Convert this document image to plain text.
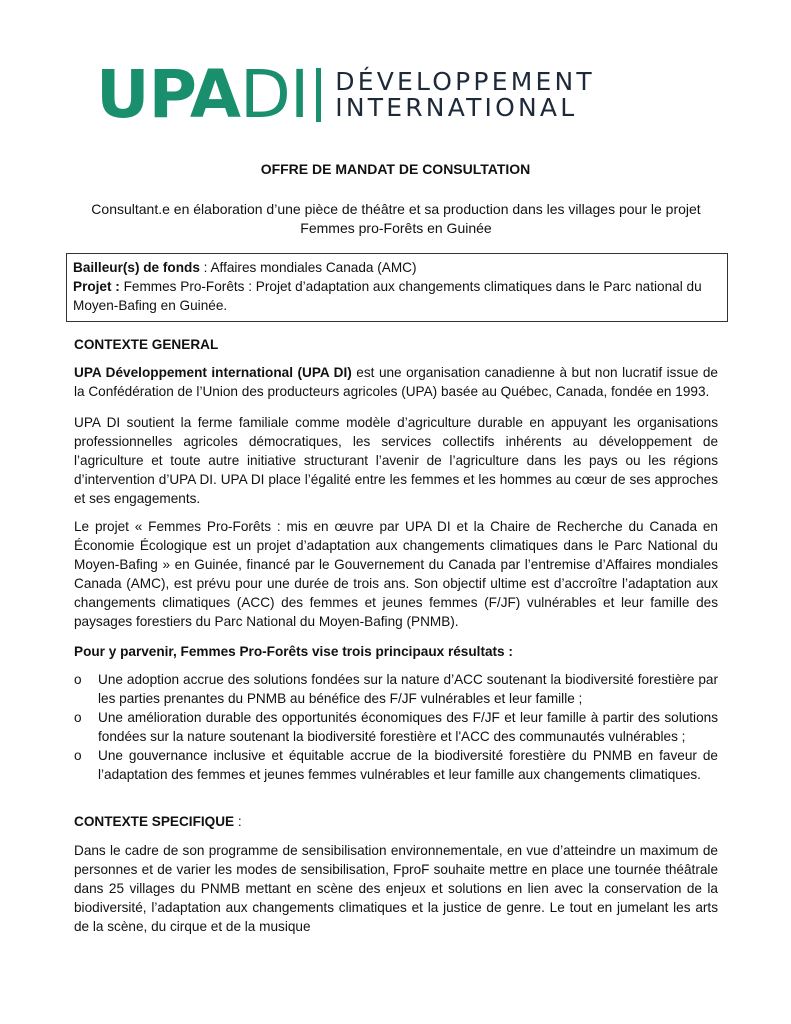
UPADI DÉVELOPPEMENT
INTERNATIONAL
OFFRE DE MANDAT DE CONSULTATION
Consultant.e en élaboration d’une pièce de théâtre et sa production dans les villages pour le projet Femmes pro-Forêts en Guinée
Bailleur(s) de fonds : Affaires mondiales Canada (AMC)
Projet : Femmes Pro-Forêts : Projet d’adaptation aux changements climatiques dans le Parc national du Moyen-Bafing en Guinée.
CONTEXTE GENERAL

UPA Développement international (UPA DI) est une organisation canadienne à but non lucratif issue de la Confédération de l’Union des producteurs agricoles (UPA) basée au Québec, Canada, fondée en 1993.

UPA DI soutient la ferme familiale comme modèle d’agriculture durable en appuyant les organisations professionnelles agricoles démocratiques, les services collectifs inhérents au développement de l’agriculture et toute autre initiative structurant l’avenir de l’agriculture dans les pays ou les régions d’intervention d’UPA DI. UPA DI place l’égalité entre les femmes et les hommes au cœur de ses approches et ses engagements.
Le projet « Femmes Pro-Forêts : mis en œuvre par UPA DI et la Chaire de Recherche du Canada en Économie Écologique est un projet d’adaptation aux changements climatiques dans le Parc National du Moyen-Bafing » en Guinée, financé par le Gouvernement du Canada par l’entremise d’Affaires mondiales Canada (AMC), est prévu pour une durée de trois ans. Son objectif ultime est d’accroître l’adaptation aux changements climatiques (ACC) des femmes et jeunes femmes (F/JF) vulnérables et leur famille des paysages forestiers du Parc National du Moyen-Bafing (PNMB).
Pour y parvenir, Femmes Pro-Forêts vise trois principaux résultats :
o	Une adoption accrue des solutions fondées sur la nature d’ACC soutenant la biodiversité forestière par les parties prenantes du PNMB au bénéfice des F/JF vulnérables et leur famille ;
o	Une amélioration durable des opportunités économiques des F/JF et leur famille à partir des solutions fondées sur la nature soutenant la biodiversité forestière et l'ACC des communautés vulnérables ;
o	Une gouvernance inclusive et équitable accrue de la biodiversité forestière du PNMB en faveur de l’adaptation des femmes et jeunes femmes vulnérables et leur famille aux changements climatiques.
CONTEXTE SPECIFIQUE :
Dans le cadre de son programme de sensibilisation environnementale, en vue d’atteindre un maximum de personnes et de varier les modes de sensibilisation, FproF souhaite mettre en place une tournée théâtrale dans 25 villages du PNMB mettant en scène des enjeux et solutions en lien avec la conservation de la biodiversité, l’adaptation aux changements climatiques et la justice de genre. Le tout en jumelant les arts de la scène, du cirque et de la musique
